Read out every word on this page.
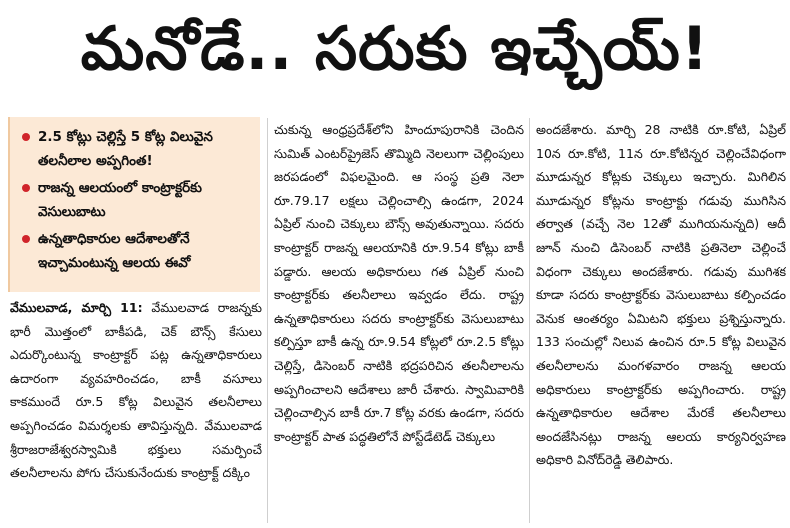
మనోడే.. సరుకు ఇచ్చేయ్!
2.5 కోట్లు చెల్లిస్తే 5 కోట్ల విలువైన తలనీలాల అప్పగింత!
రాజన్న ఆలయంలో కాంట్రాక్టర్‌కు వెసులుబాటు
ఉన్నతాధికారుల ఆదేశాలతోనే ఇచ్చామంటున్న ఆలయ ఈవో

వేములవాడ, మార్చి 11: వేములవాడ రాజన్నకు భారీ మొత్తంలో బాకీపడి, చెక్‌ బౌన్స్‌ కేసులు ఎదుర్కొంటున్న కాంట్రాక్టర్‌ పట్ల ఉన్నతాధికారులు ఉదారంగా వ్యవహరించడం, బాకీ వసూలు కాకముందే రూ.5 కోట్ల విలువైన తలనీలాలు అప్పగించడం విమర్శలకు తావిస్తున్నది. వేములవాడ శ్రీరాజరాజేశ్వరస్వామికి భక్తులు సమర్పించే తలనీలాలను పోగు చేసుకునేందుకు కాంట్రాక్ట్‌ దక్కిం

చుకున్న ఆంధ్రప్రదేశ్‌లోని హిందూపురానికి చెందిన సుమిత్‌ ఎంటర్‌ప్రైజెస్‌ తొమ్మిది నెలలుగా చెల్లింపులు జరపడంలో విఫలమైంది. ఆ సంస్థ ప్రతి నెలా రూ.79.17 లక్షలు చెల్లించాల్సి ఉండగా, 2024 ఏప్రిల్‌ నుంచి చెక్కులు బౌన్స్‌ అవుతున్నాయి. సదరు కాంట్రాక్టర్‌ రాజన్న ఆలయానికి రూ.9.54 కోట్లు బాకీ పడ్డారు. ఆలయ అధికారులు గత ఏప్రిల్‌ నుంచి కాంట్రాక్టర్‌కు తలనీలాలు ఇవ్వడం లేదు. రాష్ట్ర ఉన్నతాధికారులు సదరు కాంట్రాక్టర్‌కు వెసులుబాటు కల్పిస్తూ బాకీ ఉన్న రూ.9.54 కోట్లలో రూ.2.5 కోట్లు చెల్లిస్తే, డిసెంబర్‌ నాటికి భద్రపరిచిన తలనీలాలను అప్పగించాలని ఆదేశాలు జారీ చేశారు. స్వామివారికి చెల్లించాల్సిన బాకీ రూ.7 కోట్ల వరకు ఉండగా, సదరు కాంట్రాక్టర్‌ పాత పద్ధతిలోనే పోస్ట్‌డేటెడ్‌ చెక్కులు

అందజేశారు. మార్చి 28 నాటికి రూ.కోటి, ఏప్రిల్‌ 10న రూ.కోటి, 11న రూ.కోటిన్నర చెల్లించేవిధంగా మూడున్నర కోట్లకు చెక్కులు ఇచ్చారు. మిగిలిన మూడున్నర కోట్లను కాంట్రాక్టు గడువు ముగిసిన తర్వాత (వచ్చే నెల 12తో ముగియనున్నది) ఆదీ జూన్‌ నుంచి డిసెంబర్‌ నాటికి ప్రతినెలా చెల్లించే విధంగా చెక్కులు అందజేశారు. గడువు ముగిశక కూడా సదరు కాంట్రాక్టర్‌కు వెసులుబాటు కల్పించడం వెనుక ఆంతర్యం ఏమిటని భక్తులు ప్రశ్నిస్తున్నారు. 133 సంచుల్లో నిలువ ఉంచిన రూ.5 కోట్ల విలువైన తలనీలాలను మంగళవారం రాజన్న ఆలయ అధికారులు కాంట్రాక్టర్‌కు అప్పగించారు. రాష్ట్ర ఉన్నతాధికారుల ఆదేశాల మేరకే తలనీలాలు అందజేసినట్లు రాజన్న ఆలయ కార్యనిర్వహణ అధికారి వినోద్‌రెడ్డి తెలిపారు.
